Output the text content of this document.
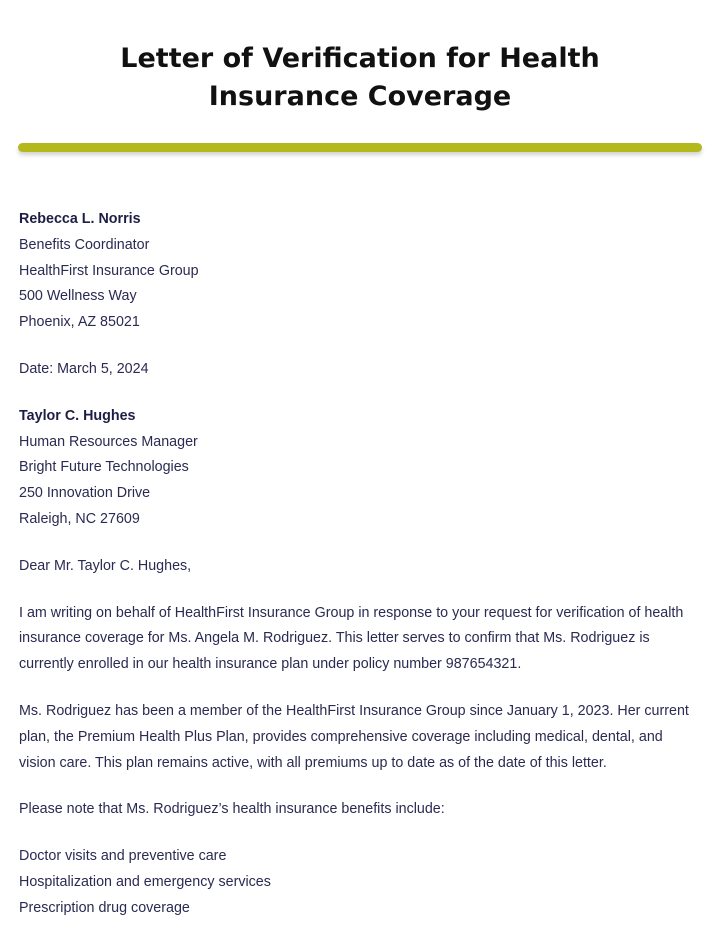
Letter of Verification for Health Insurance Coverage
Rebecca L. Norris
Benefits Coordinator
HealthFirst Insurance Group
500 Wellness Way
Phoenix, AZ 85021

Date: March 5, 2024

Taylor C. Hughes
Human Resources Manager
Bright Future Technologies
250 Innovation Drive
Raleigh, NC 27609

Dear Mr. Taylor C. Hughes,

I am writing on behalf of HealthFirst Insurance Group in response to your request for verification of health insurance coverage for Ms. Angela M. Rodriguez. This letter serves to confirm that Ms. Rodriguez is currently enrolled in our health insurance plan under policy number 987654321.

Ms. Rodriguez has been a member of the HealthFirst Insurance Group since January 1, 2023. Her current plan, the Premium Health Plus Plan, provides comprehensive coverage including medical, dental, and vision care. This plan remains active, with all premiums up to date as of the date of this letter.

Please note that Ms. Rodriguez’s health insurance benefits include:

Doctor visits and preventive care
Hospitalization and emergency services
Prescription drug coverage
